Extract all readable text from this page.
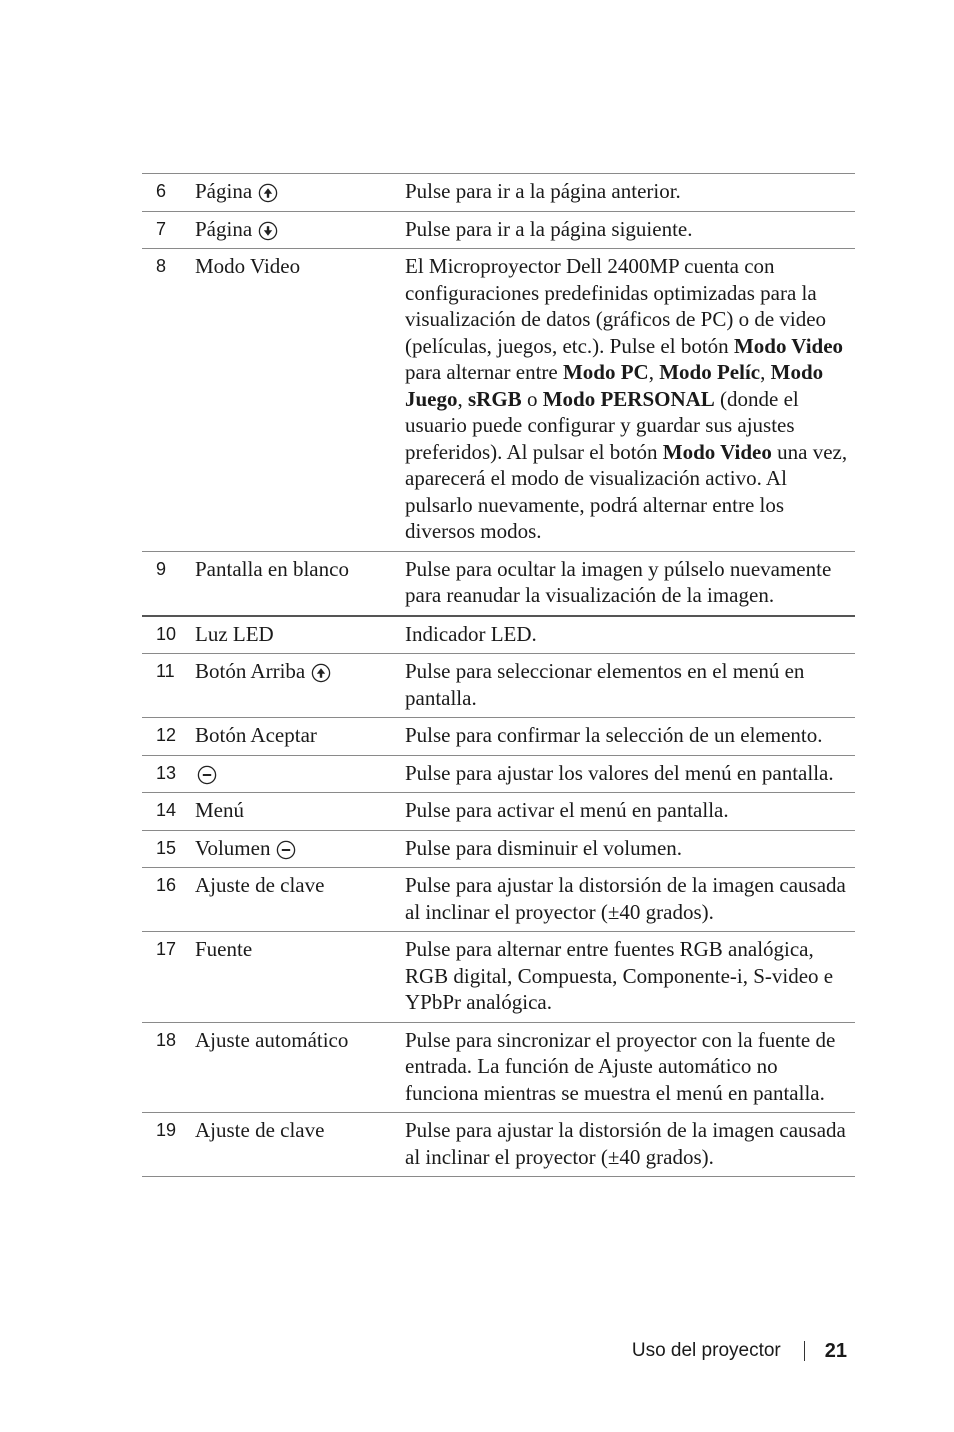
6	Página	Pulse para ir a la página anterior.
7	Página	Pulse para ir a la página siguiente.
8	Modo Video	El Microproyector Dell 2400MP cuenta con configuraciones predefinidas optimizadas para la visualización de datos (gráficos de PC) o de video (películas, juegos, etc.). Pulse el botón Modo Video para alternar entre Modo PC, Modo Pelíc, Modo Juego, sRGB o Modo PERSONAL (donde el usuario puede configurar y guardar sus ajustes preferidos). Al pulsar el botón Modo Video una vez, aparecerá el modo de visualización activo. Al pulsarlo nuevamente, podrá alternar entre los diversos modos.
9	Pantalla en blanco	Pulse para ocultar la imagen y púlselo nuevamente para reanudar la visualización de la imagen.
10	Luz LED	Indicador LED.
11	Botón Arriba	Pulse para seleccionar elementos en el menú en pantalla.
12	Botón Aceptar	Pulse para confirmar la selección de un elemento.
13		Pulse para ajustar los valores del menú en pantalla.
14	Menú	Pulse para activar el menú en pantalla.
15	Volumen	Pulse para disminuir el volumen.
16	Ajuste de clave	Pulse para ajustar la distorsión de la imagen causada al inclinar el proyector (±40 grados).
17	Fuente	Pulse para alternar entre fuentes RGB analógica, RGB digital, Compuesta, Componente-i, S-video e YPbPr analógica.
18	Ajuste automático	Pulse para sincronizar el proyector con la fuente de entrada. La función de Ajuste automático no funciona mientras se muestra el menú en pantalla.
19	Ajuste de clave	Pulse para ajustar la distorsión de la imagen causada al inclinar el proyector (±40 grados).
Uso del proyector 21
